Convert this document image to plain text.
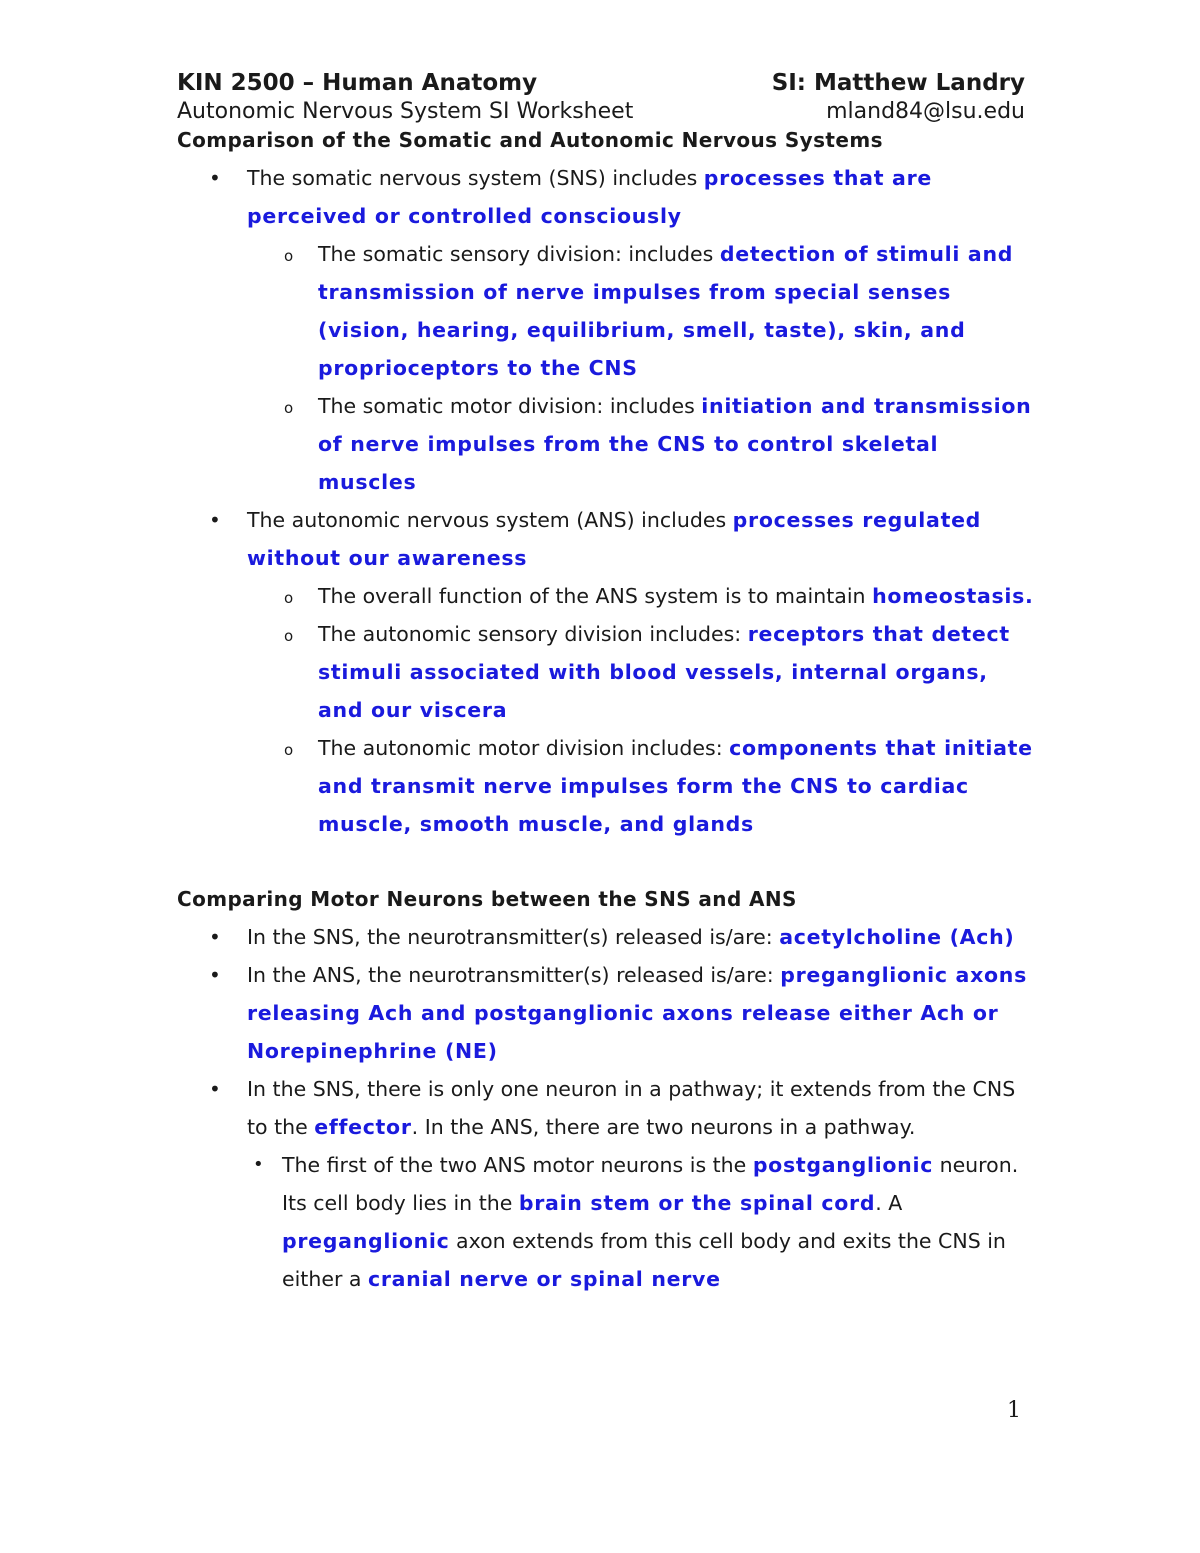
KIN 2500 – Human Anatomy	SI: Matthew Landry
Autonomic Nervous System SI Worksheet	mland84@lsu.edu
Comparison of the Somatic and Autonomic Nervous Systems
• The somatic nervous system (SNS) includes processes that are perceived or controlled consciously
o The somatic sensory division: includes detection of stimuli and transmission of nerve impulses from special senses (vision, hearing, equilibrium, smell, taste), skin, and proprioceptors to the CNS
o The somatic motor division: includes initiation and transmission of nerve impulses from the CNS to control skeletal muscles
• The autonomic nervous system (ANS) includes processes regulated without our awareness
o The overall function of the ANS system is to maintain homeostasis.
o The autonomic sensory division includes: receptors that detect stimuli associated with blood vessels, internal organs, and our viscera
o The autonomic motor division includes: components that initiate and transmit nerve impulses form the CNS to cardiac muscle, smooth muscle, and glands
Comparing Motor Neurons between the SNS and ANS
• In the SNS, the neurotransmitter(s) released is/are: acetylcholine (Ach)
• In the ANS, the neurotransmitter(s) released is/are: preganglionic axons releasing Ach and postganglionic axons release either Ach or Norepinephrine (NE)
• In the SNS, there is only one neuron in a pathway; it extends from the CNS to the effector. In the ANS, there are two neurons in a pathway.
• The first of the two ANS motor neurons is the postganglionic neuron. Its cell body lies in the brain stem or the spinal cord. A preganglionic axon extends from this cell body and exits the CNS in either a cranial nerve or spinal nerve
1
